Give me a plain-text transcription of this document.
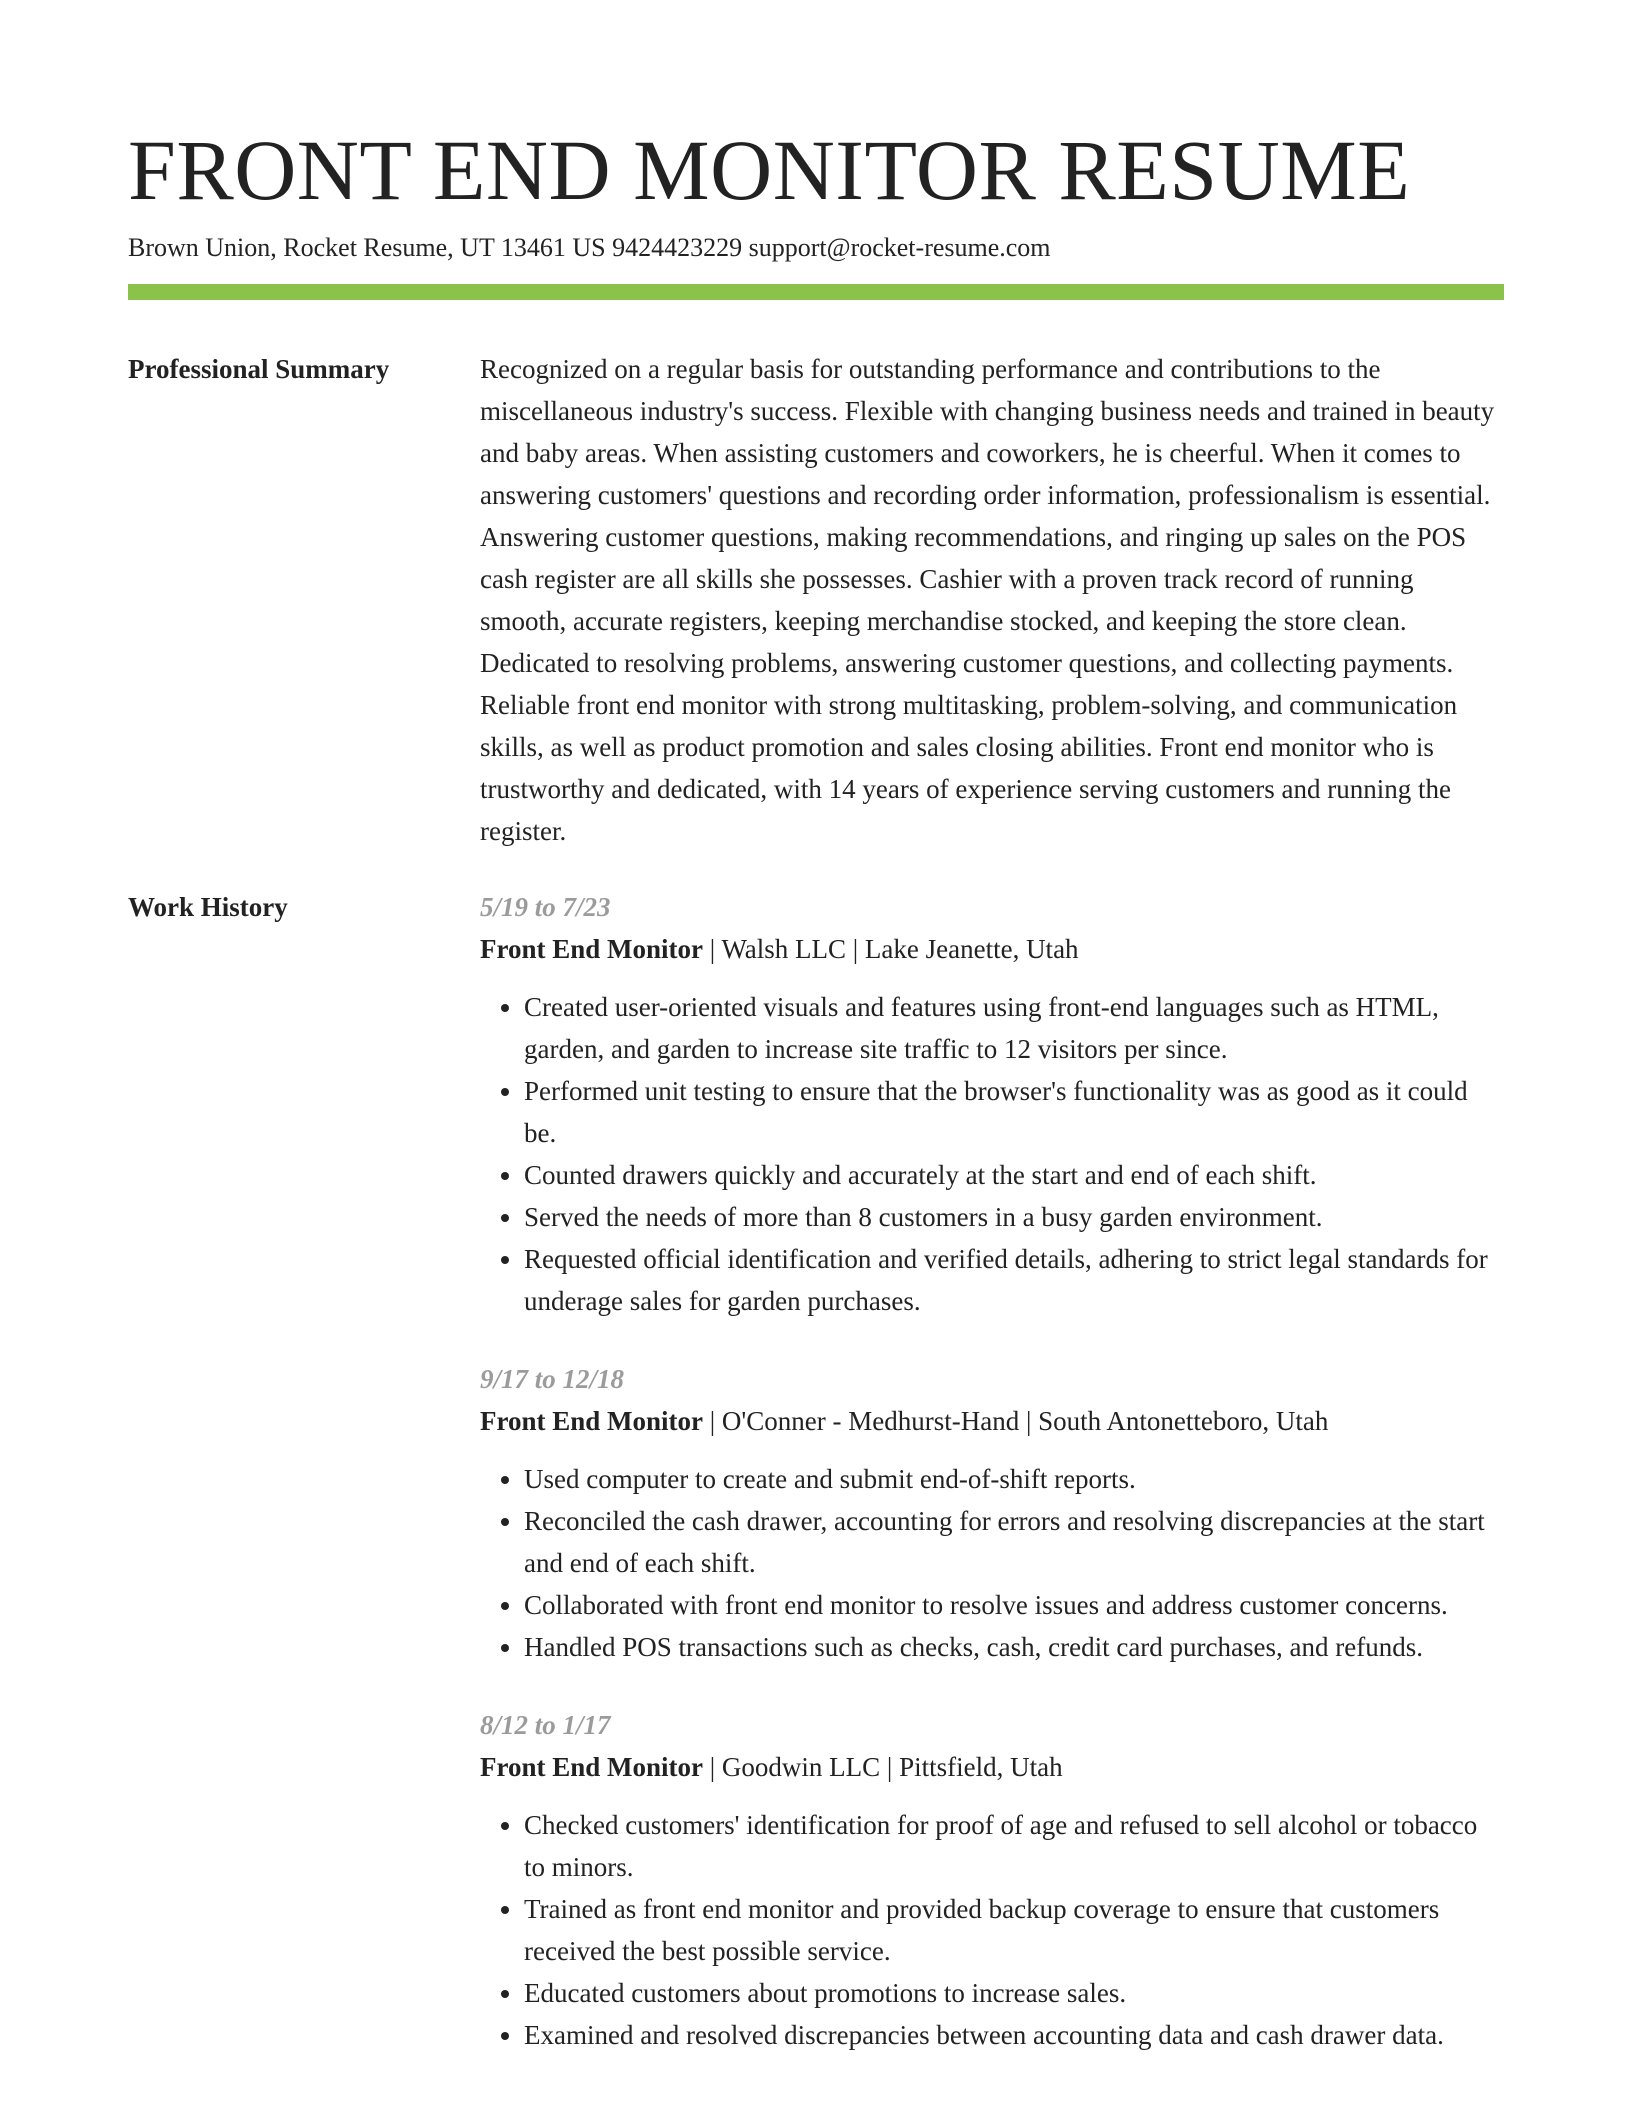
FRONT END MONITOR RESUME
Brown Union, Rocket Resume, UT 13461 US 9424423229 support@rocket-resume.com
Professional Summary	Recognized on a regular basis for outstanding performance and contributions to the miscellaneous industry's success. Flexible with changing business needs and trained in beauty and baby areas. When assisting customers and coworkers, he is cheerful. When it comes to answering customers' questions and recording order information, professionalism is essential. Answering customer questions, making recommendations, and ringing up sales on the POS cash register are all skills she possesses. Cashier with a proven track record of running smooth, accurate registers, keeping merchandise stocked, and keeping the store clean. Dedicated to resolving problems, answering customer questions, and collecting payments. Reliable front end monitor with strong multitasking, problem-solving, and communication skills, as well as product promotion and sales closing abilities. Front end monitor who is trustworthy and dedicated, with 14 years of experience serving customers and running the register.

Work History	5/19 to 7/23
Front End Monitor | Walsh LLC | Lake Jeanette, Utah
• Created user-oriented visuals and features using front-end languages such as HTML, garden, and garden to increase site traffic to 12 visitors per since.
• Performed unit testing to ensure that the browser's functionality was as good as it could be.
• Counted drawers quickly and accurately at the start and end of each shift.
• Served the needs of more than 8 customers in a busy garden environment.
• Requested official identification and verified details, adhering to strict legal standards for underage sales for garden purchases.
9/17 to 12/18
Front End Monitor | O'Conner - Medhurst-Hand | South Antonetteboro, Utah
• Used computer to create and submit end-of-shift reports.
• Reconciled the cash drawer, accounting for errors and resolving discrepancies at the start and end of each shift.
• Collaborated with front end monitor to resolve issues and address customer concerns.
• Handled POS transactions such as checks, cash, credit card purchases, and refunds.
8/12 to 1/17
Front End Monitor | Goodwin LLC | Pittsfield, Utah
• Checked customers' identification for proof of age and refused to sell alcohol or tobacco to minors.
• Trained as front end monitor and provided backup coverage to ensure that customers received the best possible service.
• Educated customers about promotions to increase sales.
• Examined and resolved discrepancies between accounting data and cash drawer data.
